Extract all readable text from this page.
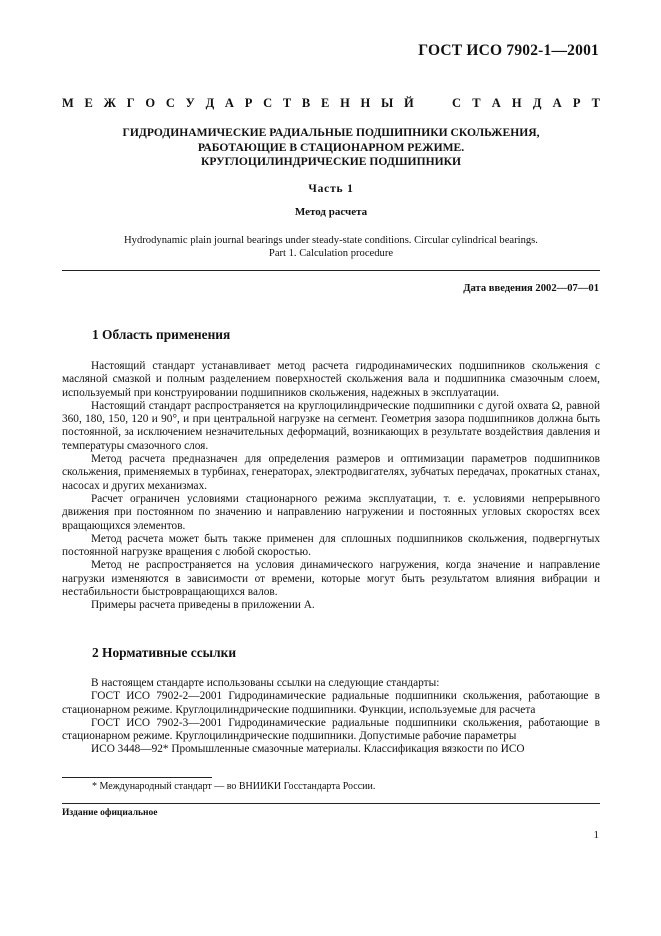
ГОСТ ИСО 7902-1—2001
М Е Ж Г О С У Д А Р С Т В Е Н Н Ы Й	С Т А Н Д А Р Т
ГИДРОДИНАМИЧЕСКИЕ РАДИАЛЬНЫЕ ПОДШИПНИКИ СКОЛЬЖЕНИЯ,
РАБОТАЮЩИЕ В СТАЦИОНАРНОМ РЕЖИМЕ.
КРУГЛОЦИЛИНДРИЧЕСКИЕ ПОДШИПНИКИ
Часть 1
Метод расчета
Hydrodynamic plain journal bearings under steady-state conditions. Circular cylindrical bearings.
Part 1. Calculation procedure
Дата введения 2002—07—01
1 Область применения

Настоящий стандарт устанавливает метод расчета гидродинамических подшипников скольжения с масляной смазкой и полным разделением поверхностей скольжения вала и подшипника смазочным слоем, используемый при конструировании подшипников скольжения, надежных в эксплуатации.

Настоящий стандарт распространяется на круглоцилиндрические подшипники с дугой охвата Ω, равной 360, 180, 150, 120 и 90°, и при центральной нагрузке на сегмент. Геометрия зазора подшипников должна быть постоянной, за исключением незначительных деформаций, возникающих в результате воздействия давления и температуры смазочного слоя.

Метод расчета предназначен для определения размеров и оптимизации параметров подшипников скольжения, применяемых в турбинах, генераторах, электродвигателях, зубчатых передачах, прокатных станах, насосах и других механизмах.

Расчет ограничен условиями стационарного режима эксплуатации, т. е. условиями непрерывного движения при постоянном по значению и направлению нагружении и постоянных угловых скоростях всех вращающихся элементов.

Метод расчета может быть также применен для сплошных подшипников скольжения, подвергнутых постоянной нагрузке вращения с любой скоростью.

Метод не распространяется на условия динамического нагружения, когда значение и направление нагрузки изменяются в зависимости от времени, которые могут быть результатом влияния вибрации и нестабильности быстровращающихся валов.

Примеры расчета приведены в приложении А.

2 Нормативные ссылки

В настоящем стандарте использованы ссылки на следующие стандарты:

ГОСТ ИСО 7902-2—2001 Гидродинамические радиальные подшипники скольжения, работающие в стационарном режиме. Круглоцилиндрические подшипники. Функции, используемые для расчета

ГОСТ ИСО 7902-3—2001 Гидродинамические радиальные подшипники скольжения, работающие в стационарном режиме. Круглоцилиндрические подшипники. Допустимые рабочие параметры

ИСО 3448—92* Промышленные смазочные материалы. Классификация вязкости по ИСО

* Международный стандарт — во ВНИИКИ Госстандарта России.
Издание официальное
1
